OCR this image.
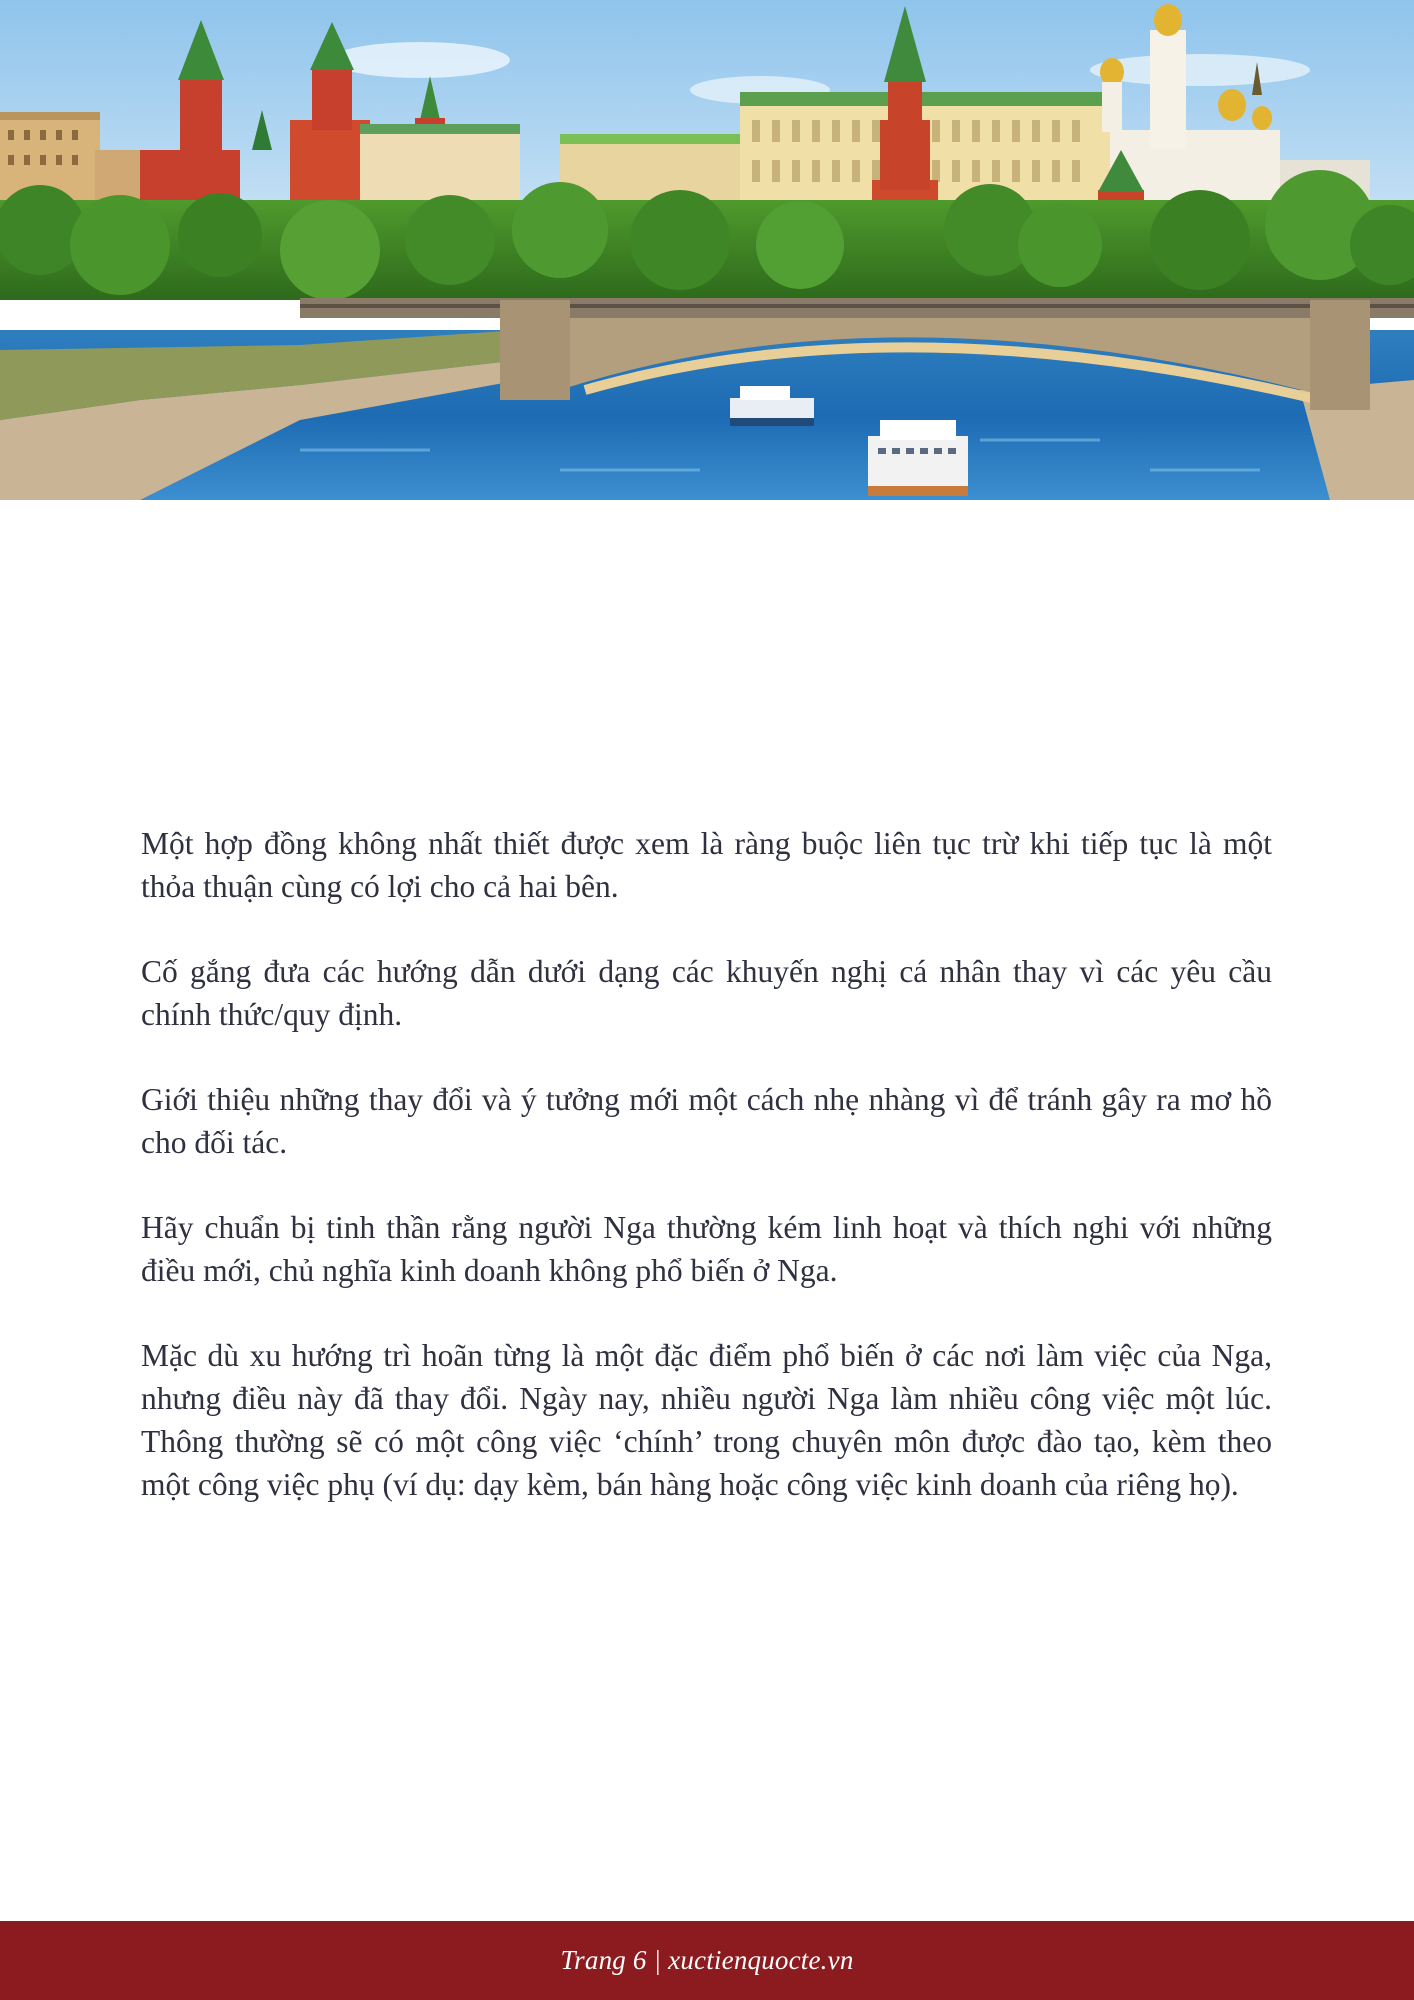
Một hợp đồng không nhất thiết được xem là ràng buộc liên tục trừ khi tiếp tục là một thỏa thuận cùng có lợi cho cả hai bên.

Cố gắng đưa các hướng dẫn dưới dạng các khuyến nghị cá nhân thay vì các yêu cầu chính thức/quy định.

Giới thiệu những thay đổi và ý tưởng mới một cách nhẹ nhàng vì để tránh gây ra mơ hồ cho đối tác.

Hãy chuẩn bị tinh thần rằng người Nga thường kém linh hoạt và thích nghi với những điều mới, chủ nghĩa kinh doanh không phổ biến ở Nga.

Mặc dù xu hướng trì hoãn từng là một đặc điểm phổ biến ở các nơi làm việc của Nga, nhưng điều này đã thay đổi. Ngày nay, nhiều người Nga làm nhiều công việc một lúc. Thông thường sẽ có một công việc ‘chính’ trong chuyên môn được đào tạo, kèm theo một công việc phụ (ví dụ: dạy kèm, bán hàng hoặc công việc kinh doanh của riêng họ).

Trang 6 | xuctienquocte.vn
